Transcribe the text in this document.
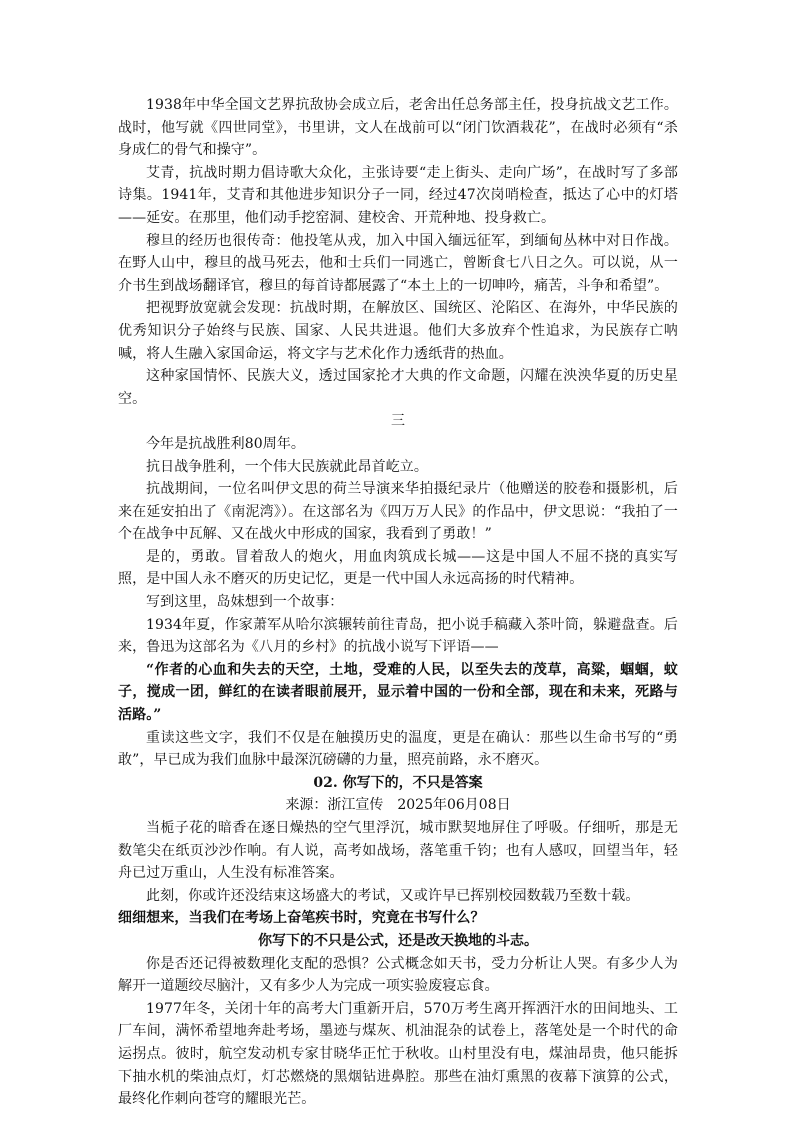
1938年中华全国文艺界抗敌协会成立后，老舍出任总务部主任，投身抗战文艺工作。战时，他写就《四世同堂》，书里讲，文人在战前可以“闭门饮酒栽花”，在战时必须有“杀身成仁的骨气和操守”。

艾青，抗战时期力倡诗歌大众化，主张诗要“走上街头、走向广场”，在战时写了多部诗集。1941年，艾青和其他进步知识分子一同，经过47次岗哨检查，抵达了心中的灯塔——延安。在那里，他们动手挖窑洞、建校舍、开荒种地、投身救亡。

穆旦的经历也很传奇：他投笔从戎，加入中国入缅远征军，到缅甸丛林中对日作战。在野人山中，穆旦的战马死去，他和士兵们一同逃亡，曾断食七八日之久。可以说，从一介书生到战场翻译官，穆旦的每首诗都展露了“本土上的一切呻吟，痛苦，斗争和希望”。

把视野放宽就会发现：抗战时期，在解放区、国统区、沦陷区、在海外，中华民族的优秀知识分子始终与民族、国家、人民共进退。他们大多放弃个性追求，为民族存亡呐喊，将人生融入家国命运，将文字与艺术化作力透纸背的热血。

这种家国情怀、民族大义，透过国家抡才大典的作文命题，闪耀在泱泱华夏的历史星空。

三

今年是抗战胜利80周年。

抗日战争胜利，一个伟大民族就此昂首屹立。

抗战期间，一位名叫伊文思的荷兰导演来华拍摄纪录片（他赠送的胶卷和摄影机，后来在延安拍出了《南泥湾》）。在这部名为《四万万人民》的作品中，伊文思说：“我拍了一个在战争中瓦解、又在战火中形成的国家，我看到了勇敢！”

是的，勇敢。冒着敌人的炮火，用血肉筑成长城——这是中国人不屈不挠的真实写照，是中国人永不磨灭的历史记忆，更是一代中国人永远高扬的时代精神。

写到这里，岛妹想到一个故事：

1934年夏，作家萧军从哈尔滨辗转前往青岛，把小说手稿藏入茶叶筒，躲避盘查。后来，鲁迅为这部名为《八月的乡村》的抗战小说写下评语——

“作者的心血和失去的天空，土地，受难的人民，以至失去的茂草，高粱，蝈蝈，蚊子，搅成一团，鲜红的在读者眼前展开，显示着中国的一份和全部，现在和未来，死路与活路。”

重读这些文字，我们不仅是在触摸历史的温度，更是在确认：那些以生命书写的“勇敢”，早已成为我们血脉中最深沉磅礴的力量，照亮前路，永不磨灭。

02. 你写下的，不只是答案
来源：浙江宣传　2025年06月08日

当栀子花的暗香在逐日燥热的空气里浮沉，城市默契地屏住了呼吸。仔细听，那是无数笔尖在纸页沙沙作响。有人说，高考如战场，落笔重千钧；也有人感叹，回望当年，轻舟已过万重山，人生没有标准答案。

此刻，你或许还没结束这场盛大的考试，又或许早已挥别校园数载乃至数十载。

细细想来，当我们在考场上奋笔疾书时，究竟在书写什么？

你写下的不只是公式，还是改天换地的斗志。

你是否还记得被数理化支配的恐惧？公式概念如天书，受力分析让人哭。有多少人为解开一道题绞尽脑汁，又有多少人为完成一项实验废寝忘食。

1977年冬，关闭十年的高考大门重新开启，570万考生离开挥洒汗水的田间地头、工厂车间，满怀希望地奔赴考场，墨迹与煤灰、机油混杂的试卷上，落笔处是一个时代的命运拐点。彼时，航空发动机专家甘晓华正忙于秋收。山村里没有电，煤油昂贵，他只能拆下抽水机的柴油点灯，灯芯燃烧的黑烟钻进鼻腔。那些在油灯熏黑的夜幕下演算的公式，最终化作刺向苍穹的耀眼光芒。
